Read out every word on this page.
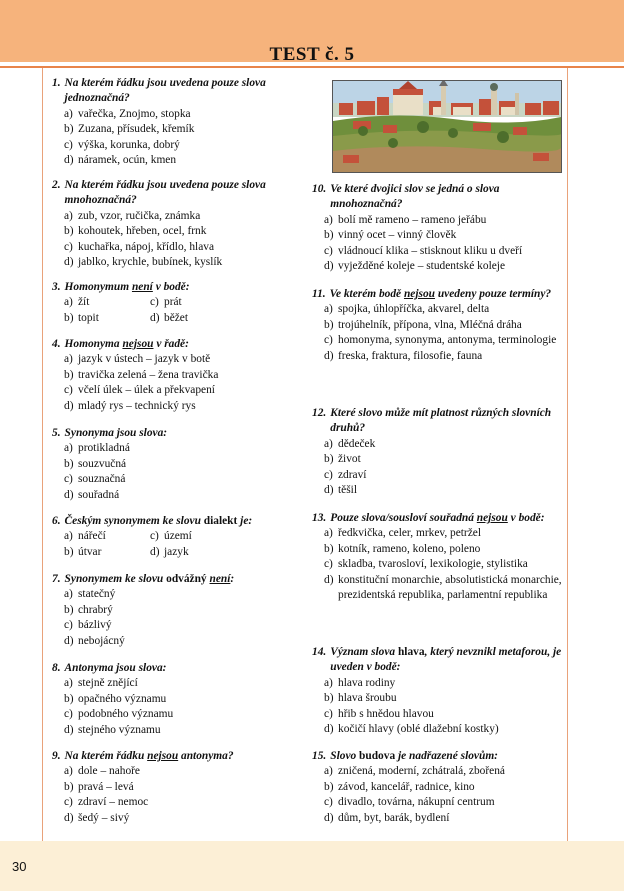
TEST č. 5
1. Na kterém řádku jsou uvedena pouze slova jednoznačná?
a) vařečka, Znojmo, stopka
b) Zuzana, přísudek, křemík
c) výška, korunka, dobrý
d) náramek, ocún, kmen
2. Na kterém řádku jsou uvedena pouze slova mnohoznačná?
a) zub, vzor, ručička, známka
b) kohoutek, hřeben, ocel, frnk
c) kuchařka, nápoj, křídlo, hlava
d) jablko, krychle, bubínek, kyslík
3. Homonymum není v bodě:
a) žít	c) prát
b) topit	d) běžet
4. Homonyma nejsou v řadě:
a) jazyk v ústech – jazyk v botě
b) travička zelená – žena travička
c) včelí úlek – úlek a překvapení
d) mladý rys – technický rys
5. Synonyma jsou slova:
a) protikladná
b) souzvučná
c) souznačná
d) souřadná
6. Českým synonymem ke slovu dialekt je:
a) nářečí	c) území
b) útvar	d) jazyk
7. Synonymem ke slovu odvážný není:
a) statečný
b) chrabrý
c) bázlivý
d) nebojácný
8. Antonyma jsou slova:
a) stejně znějící
b) opačného významu
c) podobného významu
d) stejného významu
9. Na kterém řádku nejsou antonyma?
a) dole – nahoře
b) pravá – levá
c) zdraví – nemoc
d) šedý – sivý
10. Ve které dvojici slov se jedná o slova mnohoznačná?
a) bolí mě rameno – rameno jeřábu
b) vinný ocet – vinný člověk
c) vládnoucí klika – stisknout kliku u dveří
d) vyježděné koleje – studentské koleje
11. Ve kterém bodě nejsou uvedeny pouze termíny?
a) spojka, úhlopříčka, akvarel, delta
b) trojúhelník, přípona, vlna, Mléčná dráha
c) homonyma, synonyma, antonyma, terminologie
d) freska, fraktura, filosofie, fauna
12. Které slovo může mít platnost různých slovních druhů?
a) dědeček
b) život
c) zdraví
d) těšil
13. Pouze slova/sousloví souřadná nejsou v bodě:
a) ředkvička, celer, mrkev, petržel
b) kotník, rameno, koleno, poleno
c) skladba, tvarosloví, lexikologie, stylistika
d) konstituční monarchie, absolutistická monarchie, prezidentská republika, parlamentní republika
14. Význam slova hlava, který nevznikl metaforou, je uveden v bodě:
a) hlava rodiny
b) hlava šroubu
c) hřib s hnědou hlavou
d) kočičí hlavy (oblé dlažební kostky)
15. Slovo budova je nadřazené slovům:
a) zničená, moderní, zchátralá, zbořená
b) závod, kancelář, radnice, kino
c) divadlo, továrna, nákupní centrum
d) dům, byt, barák, bydlení
30
